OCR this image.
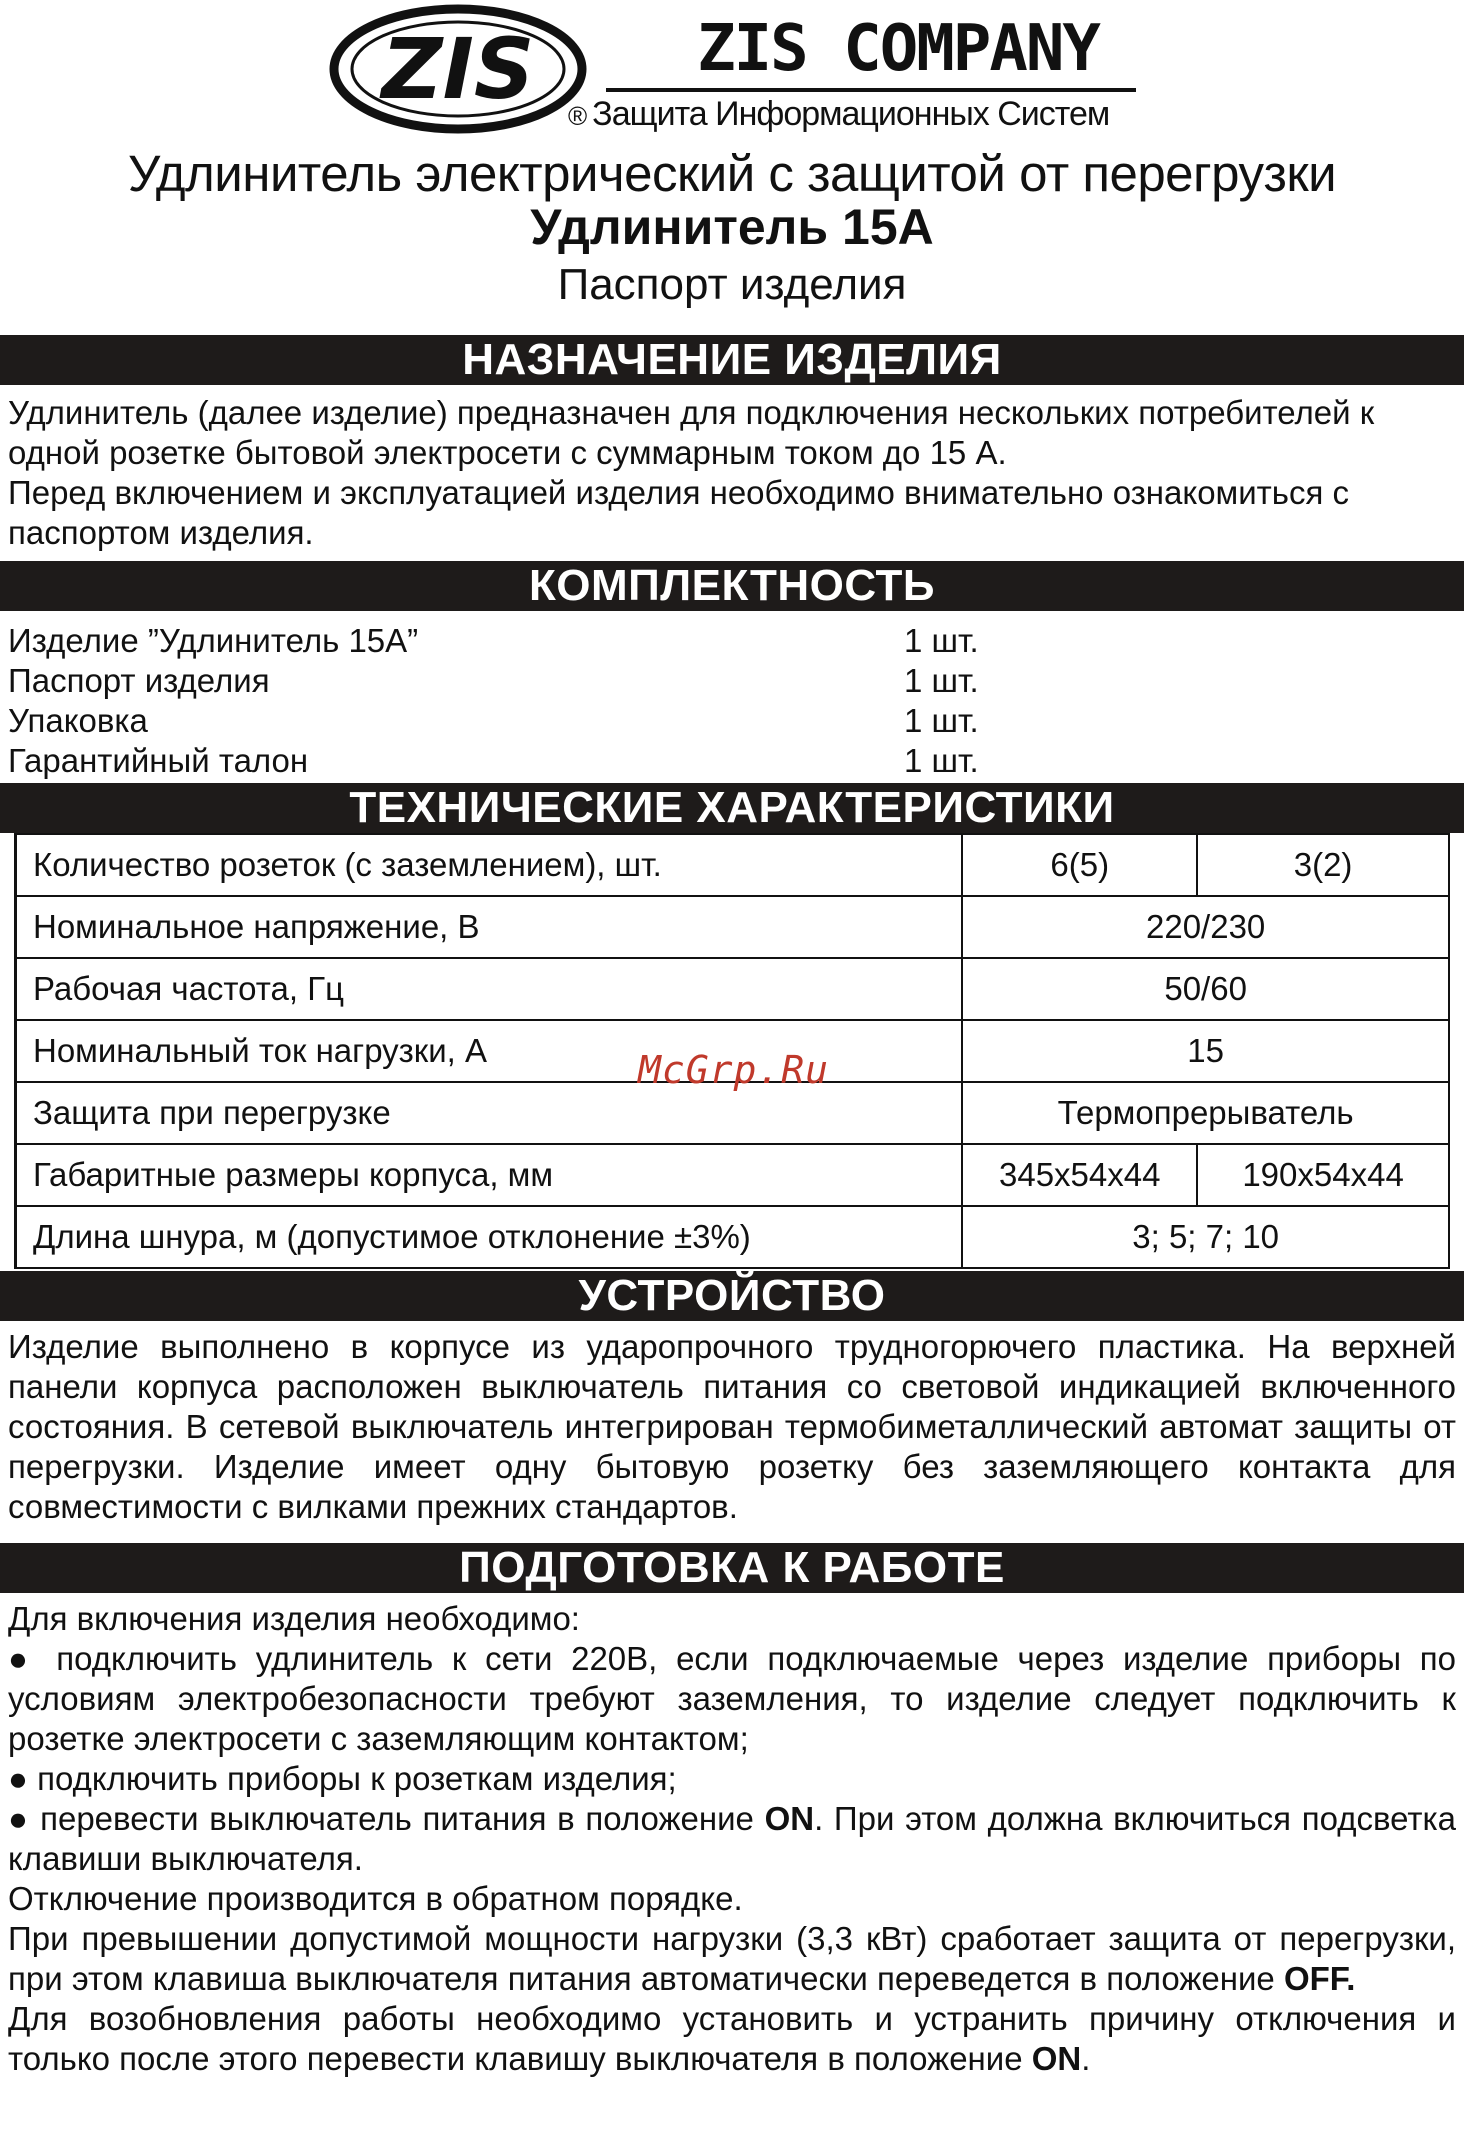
ZIS	ZIS COMPANY
® Защита Информационных Систем
Удлинитель электрический с защитой от перегрузки
Удлинитель 15А
Паспорт изделия
НАЗНАЧЕНИЕ ИЗДЕЛИЯ

Удлинитель (далее изделие) предназначен для подключения нескольких потребителей к

одной розетке бытовой электросети с суммарным током до 15 А.

Перед включением и эксплуатацией изделия необходимо внимательно ознакомиться с

паспортом изделия.

КОМПЛЕКТНОСТЬ
Изделие ”Удлинитель 15А”	1 шт.
Паспорт изделия	1 шт.
Упаковка	1 шт.
Гарантийный талон	1 шт.
ТЕХНИЧЕСКИЕ ХАРАКТЕРИСТИКИ
Количество розеток (с заземлением), шт.	6(5)	3(2)
Номинальное напряжение, В	220/230	
Рабочая частота, Гц	50/60	
Номинальный ток нагрузки, А	15	
Защита при перегрузке	Термопрерыватель	
Габаритные размеры корпуса, мм	345x54x44	190x54x44
Длина шнура, м (допустимое отклонение ±3%)	3; 5; 7; 10	
McGrp.Ru
УСТРОЙСТВО

Изделие выполнено в корпусе из ударопрочного трудногорючего пластика. На верхней панели корпуса расположен выключатель питания со световой индикацией включенного состояния. В сетевой выключатель интегрирован термобиметаллический автомат защиты от перегрузки. Изделие имеет одну бытовую розетку без заземляющего контакта для совместимости с вилками прежних стандартов.

ПОДГОТОВКА К РАБОТЕ

Для включения изделия необходимо:

● подключить удлинитель к сети 220В, если подключаемые через изделие приборы по условиям электробезопасности требуют заземления, то изделие следует подключить к розетке электросети с заземляющим контактом;

● подключить приборы к розеткам изделия;

● перевести выключатель питания в положение ON. При этом должна включиться подсветка клавиши выключателя.

Отключение производится в обратном порядке.

При превышении допустимой мощности нагрузки (3,3 кВт) сработает защита от перегрузки, при этом клавиша выключателя питания автоматически переведется в положение OFF.

Для возобновления работы необходимо установить и устранить причину отключения и только после этого перевести клавишу выключателя в положение ON.
